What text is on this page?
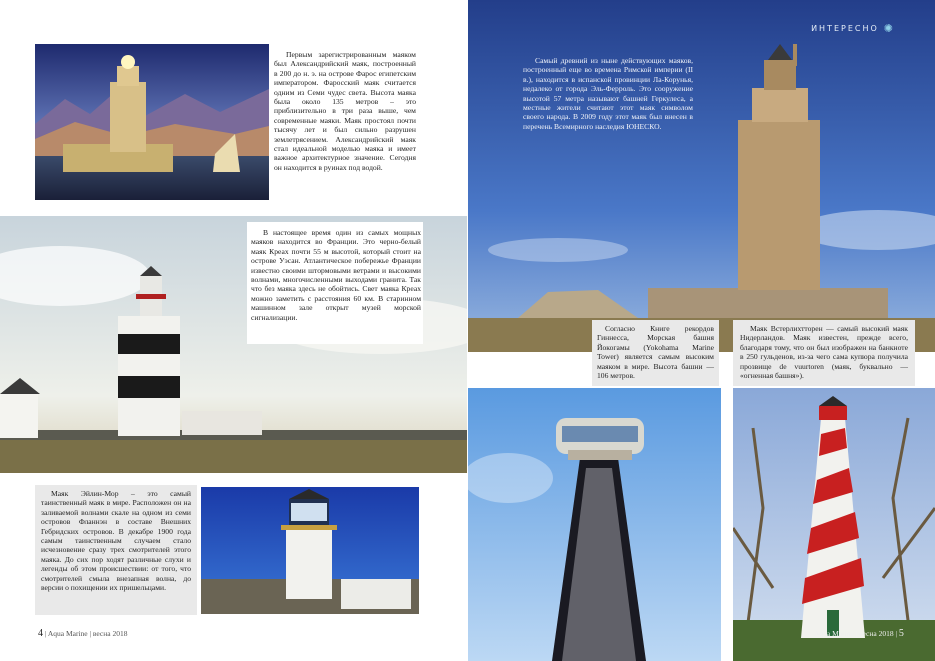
Первым зарегистрированным маяком был Александрийский маяк, построенный в 200 до н. э. на острове Фарос египетским императором. Фаросский маяк считается одним из Семи чудес света. Высота маяка была около 135 метров – это приблизительно в три раза выше, чем современные маяки. Маяк простоял почти тысячу лет и был сильно разрушен землетрясением. Александрийский маяк стал идеальной моделью маяка и имеет важное архитектурное значение. Сегодня он находится в руинах под водой.
В настоящее время один из самых мощных маяков находится во Франции. Это черно-белый маяк Креах почти 55 м высотой, который стоит на острове Уэсан. Атлантическое побережье Франции известно своими штормовыми ветрами и высокими волнами, многочисленными выходами гранита. Так что без маяка здесь не обойтись. Свет маяка Креах можно заметить с расстояния 60 км. В старинном машинном зале открыт музей морской сигнализации.
Маяк Эйлин-Мор – это самый таинственный маяк в мире. Расположен он на заливаемой волнами скале на одном из семи островов Фланнэн в составе Внешних Гебридских островов. В декабре 1900 года самым таинственным случаем стало исчезновение сразу трех смотрителей этого маяка. До сих пор ходят различные слухи и легенды об этом происшествии: от того, что смотрителей смыла внезапная волна, до версии о похищении их пришельцами.
4 | Aqua Marine | весна 2018
ИНТЕРЕСНО ✺
Самый древний из ныне действующих маяков, построенный еще во времена Римской империи (II в.), находится в испанской провинции Ла-Корунья, недалеко от города Эль-Ферроль. Это сооружение высотой 57 метра называют башней Геркулеса, а местные жители считают этот маяк символом своего народа. В 2009 году этот маяк был внесен в перечень Всемирного наследия ЮНЕСКО.
Согласно Книге рекордов Гиннесса, Морская башня Йокогамы (Yokohama Marine Tower) является самым высоким маяком в мире. Высота башни — 106 метров.
Маяк Встерлихтторен — самый высокий маяк Нидерландов. Маяк известен, прежде всего, благодаря тому, что он был изображен на банкноте в 250 гульденов, из-за чего сама купюра получила прозвище de vuurtoren (маяк, буквально — «огненная башня»).
Aqua Marine | весна 2018 | 5
